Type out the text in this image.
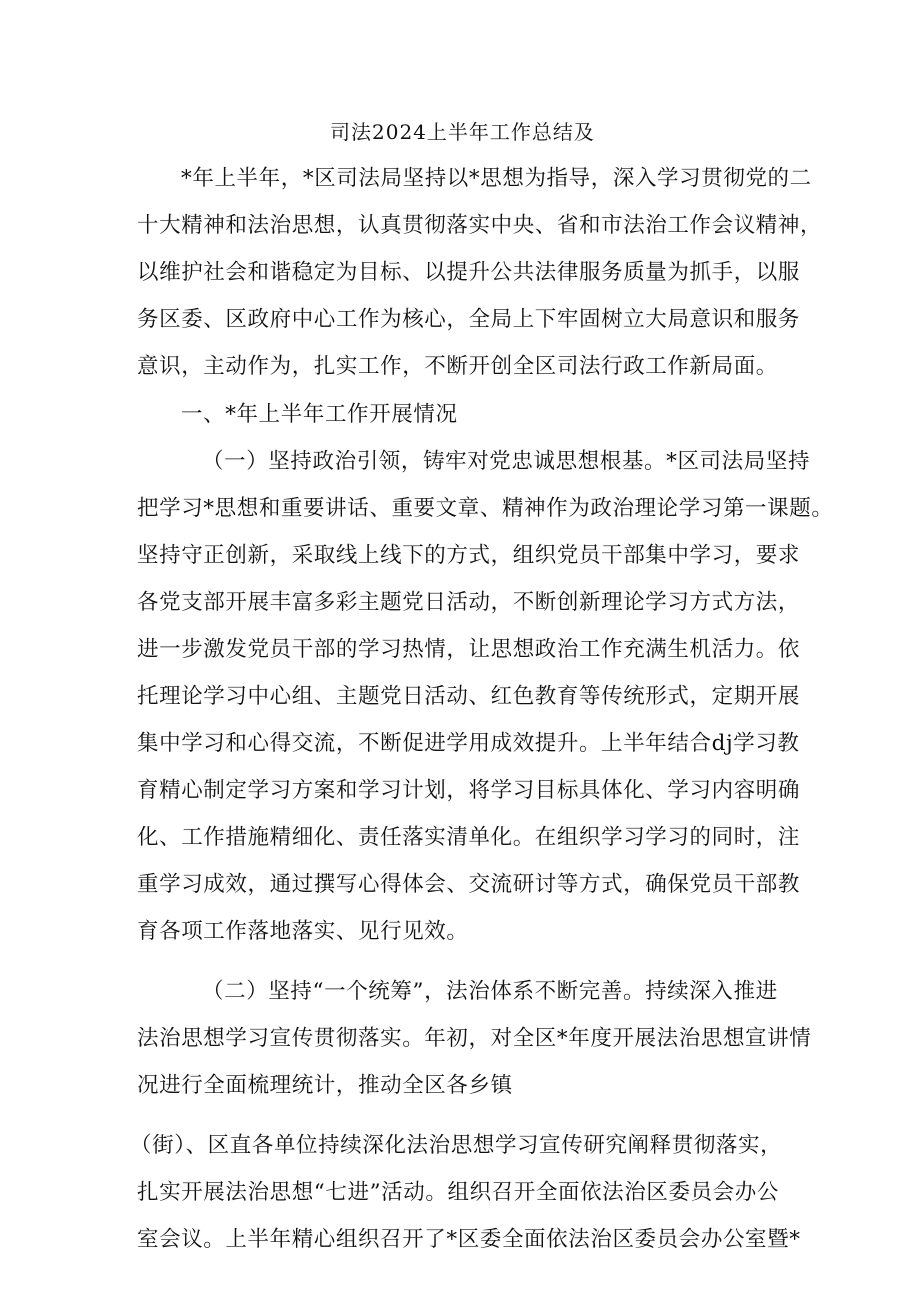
司法2024上半年工作总结及
*年上半年，*区司法局坚持以*思想为指导，深入学习贯彻党的二
十大精神和法治思想，认真贯彻落实中央、省和市法治工作会议精神，
以维护社会和谐稳定为目标、以提升公共法律服务质量为抓手，以服
务区委、区政府中心工作为核心，全局上下牢固树立大局意识和服务
意识，主动作为，扎实工作，不断开创全区司法行政工作新局面。
一、*年上半年工作开展情况
（一）坚持政治引领，铸牢对党忠诚思想根基。*区司法局坚持
把学习*思想和重要讲话、重要文章、精神作为政治理论学习第一课题。
坚持守正创新，采取线上线下的方式，组织党员干部集中学习，要求
各党支部开展丰富多彩主题党日活动，不断创新理论学习方式方法，
进一步激发党员干部的学习热情，让思想政治工作充满生机活力。依
托理论学习中心组、主题党日活动、红色教育等传统形式，定期开展
集中学习和心得交流，不断促进学用成效提升。上半年结合dj学习教
育精心制定学习方案和学习计划，将学习目标具体化、学习内容明确
化、工作措施精细化、责任落实清单化。在组织学习学习的同时，注
重学习成效，通过撰写心得体会、交流研讨等方式，确保党员干部教
育各项工作落地落实、见行见效。
（二）坚持“一个统筹”，法治体系不断完善。持续深入推进
法治思想学习宣传贯彻落实。年初，对全区*年度开展法治思想宣讲情
况进行全面梳理统计，推动全区各乡镇
（街）、区直各单位持续深化法治思想学习宣传研究阐释贯彻落实，
扎实开展法治思想“七进”活动。组织召开全面依法治区委员会办公
室会议。上半年精心组织召开了*区委全面依法治区委员会办公室暨*
